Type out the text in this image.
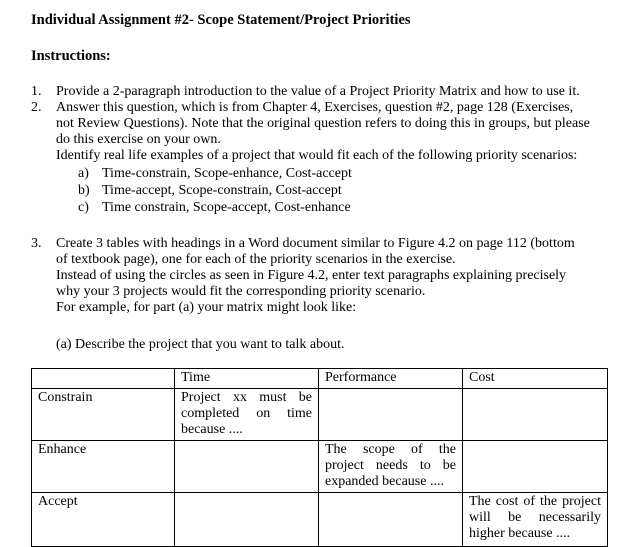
Individual Assignment #2- Scope Statement/Project Priorities
Instructions:
1.	Provide a 2-paragraph introduction to the value of a Project Priority Matrix and how to use it.
2.	Answer this question, which is from Chapter 4, Exercises, question #2, page 128 (Exercises,
not Review Questions). Note that the original question refers to doing this in groups, but please
do this exercise on your own.
Identify real life examples of a project that would fit each of the following priority scenarios:
a) Time-constrain, Scope-enhance, Cost-accept
b) Time-accept, Scope-constrain, Cost-accept
c) Time constrain, Scope-accept, Cost-enhance
3.	Create 3 tables with headings in a Word document similar to Figure 4.2 on page 112 (bottom
of textbook page), one for each of the priority scenarios in the exercise.
Instead of using the circles as seen in Figure 4.2, enter text paragraphs explaining precisely
why your 3 projects would fit the corresponding priority scenario.
For example, for part (a) your matrix might look like:
(a) Describe the project that you want to talk about.
	Time	Performance	Cost
Constrain	Project xx must be completed on time because ....		
Enhance		The scope of the project needs to be expanded because ....	
Accept			The cost of the project will be necessarily higher because ....
